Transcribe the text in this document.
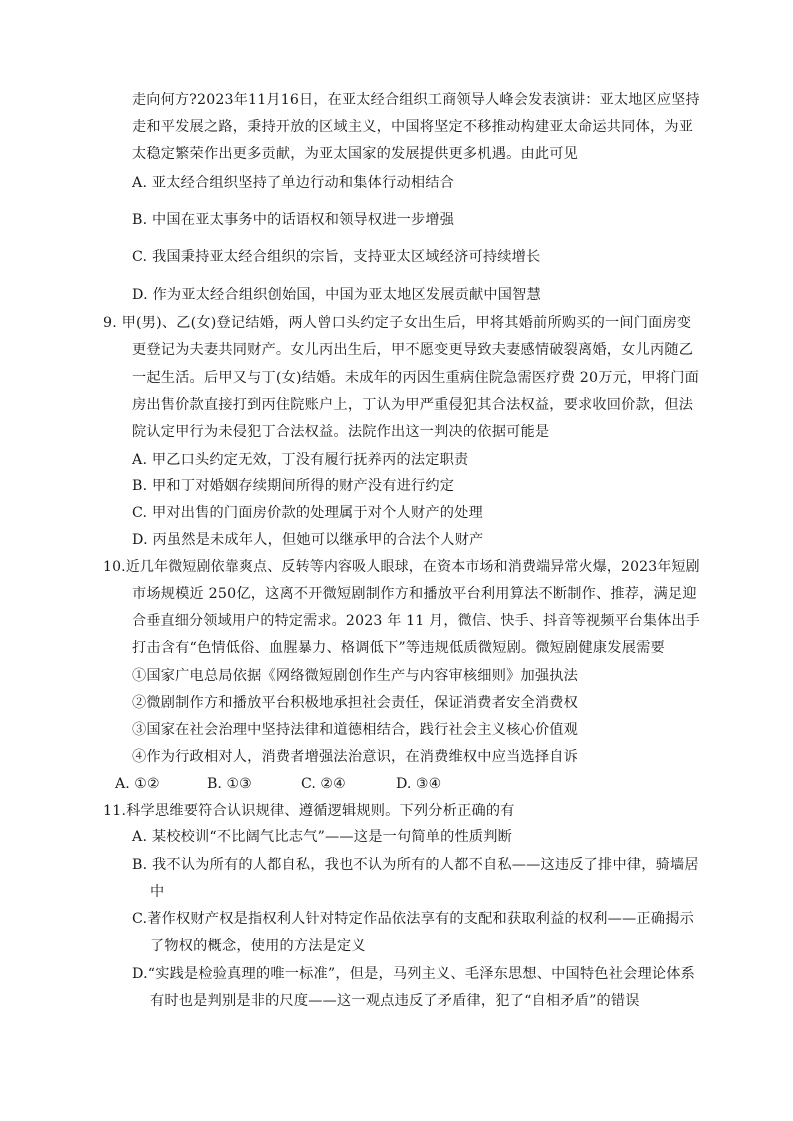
走向何方?2023年11月16日，在亚太经合组织工商领导人峰会发表演讲：亚太地区应坚持
走和平发展之路，秉持开放的区域主义，中国将坚定不移推动构建亚太命运共同体，为亚
太稳定繁荣作出更多贡献，为亚太国家的发展提供更多机遇。由此可见
A. 亚太经合组织坚持了单边行动和集体行动相结合
B. 中国在亚太事务中的话语权和领导权进一步增强
C. 我国秉持亚太经合组织的宗旨，支持亚太区域经济可持续增长
D. 作为亚太经合组织创始国，中国为亚太地区发展贡献中国智慧
9. 甲(男)、乙(女)登记结婚，两人曾口头约定子女出生后，甲将其婚前所购买的一间门面房变
更登记为夫妻共同财产。女儿丙出生后，甲不愿变更导致夫妻感情破裂离婚，女儿丙随乙
一起生活。后甲又与丁(女)结婚。未成年的丙因生重病住院急需医疗费 20万元，甲将门面
房出售价款直接打到丙住院账户上，丁认为甲严重侵犯其合法权益，要求收回价款，但法
院认定甲行为未侵犯丁合法权益。法院作出这一判决的依据可能是
A. 甲乙口头约定无效，丁没有履行抚养丙的法定职责
B. 甲和丁对婚姻存续期间所得的财产没有进行约定
C. 甲对出售的门面房价款的处理属于对个人财产的处理
D. 丙虽然是未成年人，但她可以继承甲的合法个人财产
10.近几年微短剧依靠爽点、反转等内容吸人眼球，在资本市场和消费端异常火爆，2023年短剧
市场规模近 250亿，这离不开微短剧制作方和播放平台利用算法不断制作、推荐，满足迎
合垂直细分领域用户的特定需求。2023 年 11 月，微信、快手、抖音等视频平台集体出手
打击含有“色情低俗、血腥暴力、格调低下”等违规低质微短剧。微短剧健康发展需要
①国家广电总局依据《网络微短剧创作生产与内容审核细则》加强执法
②微剧制作方和播放平台积极地承担社会责任，保证消费者安全消费权
③国家在社会治理中坚持法律和道德相结合，践行社会主义核心价值观
④作为行政相对人，消费者增强法治意识，在消费维权中应当选择自诉
A. ①②	B. ①③	C. ②④	D. ③④
11.科学思维要符合认识规律、遵循逻辑规则。下列分析正确的有
A. 某校校训“不比阔气比志气”——这是一句简单的性质判断
B. 我不认为所有的人都自私，我也不认为所有的人都不自私——这违反了排中律，骑墙居
中
C.著作权财产权是指权利人针对特定作品依法享有的支配和获取利益的权利——正确揭示
了物权的概念，使用的方法是定义
D.“实践是检验真理的唯一标准”，但是，马列主义、毛泽东思想、中国特色社会理论体系
有时也是判别是非的尺度——这一观点违反了矛盾律，犯了“自相矛盾”的错误
